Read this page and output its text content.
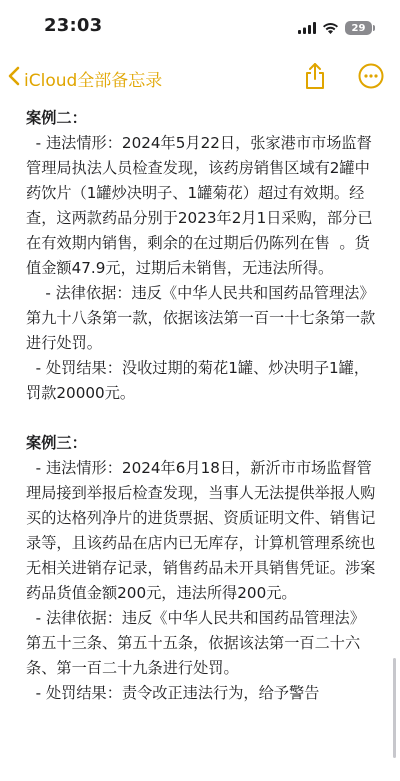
23:03	29
iCloud全部备忘录

案例二：

- 违法情形：2024年5月22日，张家港市市场监督管理局执法人员检查发现，该药房销售区域有2罐中药饮片（1罐炒决明子、1罐菊花）超过有效期。经查，这两款药品分别于2023年2月1日采购，部分已在有效期内销售，剩余的在过期后仍陈列在售  。货值金额47.9元，过期后未销售，无违法所得。

- 法律依据：违反《中华人民共和国药品管理法》第九十八条第一款，依据该法第一百一十七条第一款进行处罚。

- 处罚结果：没收过期的菊花1罐、炒决明子1罐，罚款20000元。

案例三：

- 违法情形：2024年6月18日，新沂市市场监督管理局接到举报后检查发现，当事人无法提供举报人购买的达格列净片的进货票据、资质证明文件、销售记录等，且该药品在店内已无库存，计算机管理系统也无相关进销存记录，销售药品未开具销售凭证。涉案药品货值金额200元，违法所得200元。

- 法律依据：违反《中华人民共和国药品管理法》第五十三条、第五十五条，依据该法第一百二十六条、第一百二十九条进行处罚。

- 处罚结果：责令改正违法行为，给予警告
